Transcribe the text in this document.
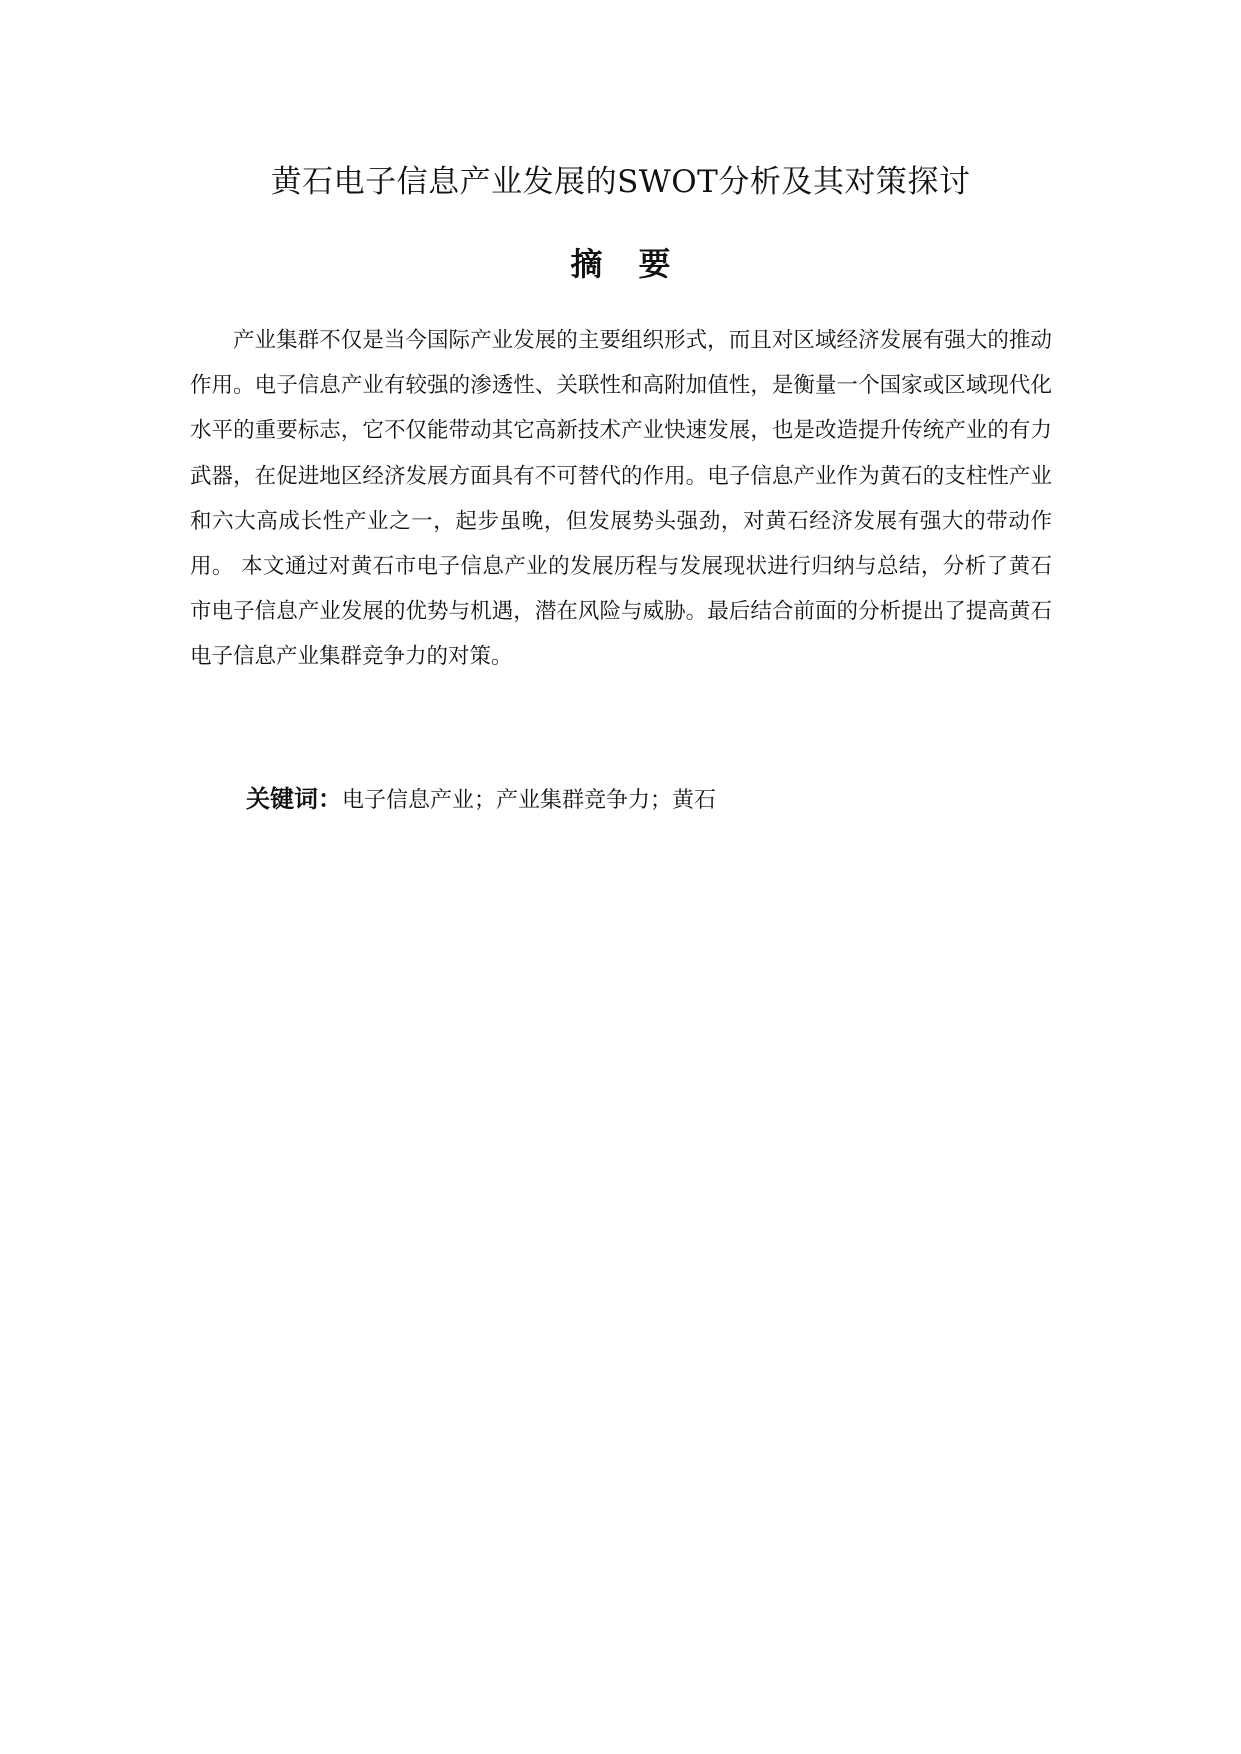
黄石电子信息产业发展的SWOT分析及其对策探讨
摘 要

产业集群不仅是当今国际产业发展的主要组织形式，而且对区域经济发展有强大的推动作用。电子信息产业有较强的渗透性、关联性和高附加值性，是衡量一个国家或区域现代化水平的重要标志，它不仅能带动其它高新技术产业快速发展，也是改造提升传统产业的有力武器，在促进地区经济发展方面具有不可替代的作用。电子信息产业作为黄石的支柱性产业和六大高成长性产业之一，起步虽晚，但发展势头强劲，对黄石经济发展有强大的带动作用。 本文通过对黄石市电子信息产业的发展历程与发展现状进行归纳与总结，分析了黄石市电子信息产业发展的优势与机遇，潜在风险与威胁。最后结合前面的分析提出了提高黄石电子信息产业集群竞争力的对策。

关键词：电子信息产业；产业集群竞争力；黄石
